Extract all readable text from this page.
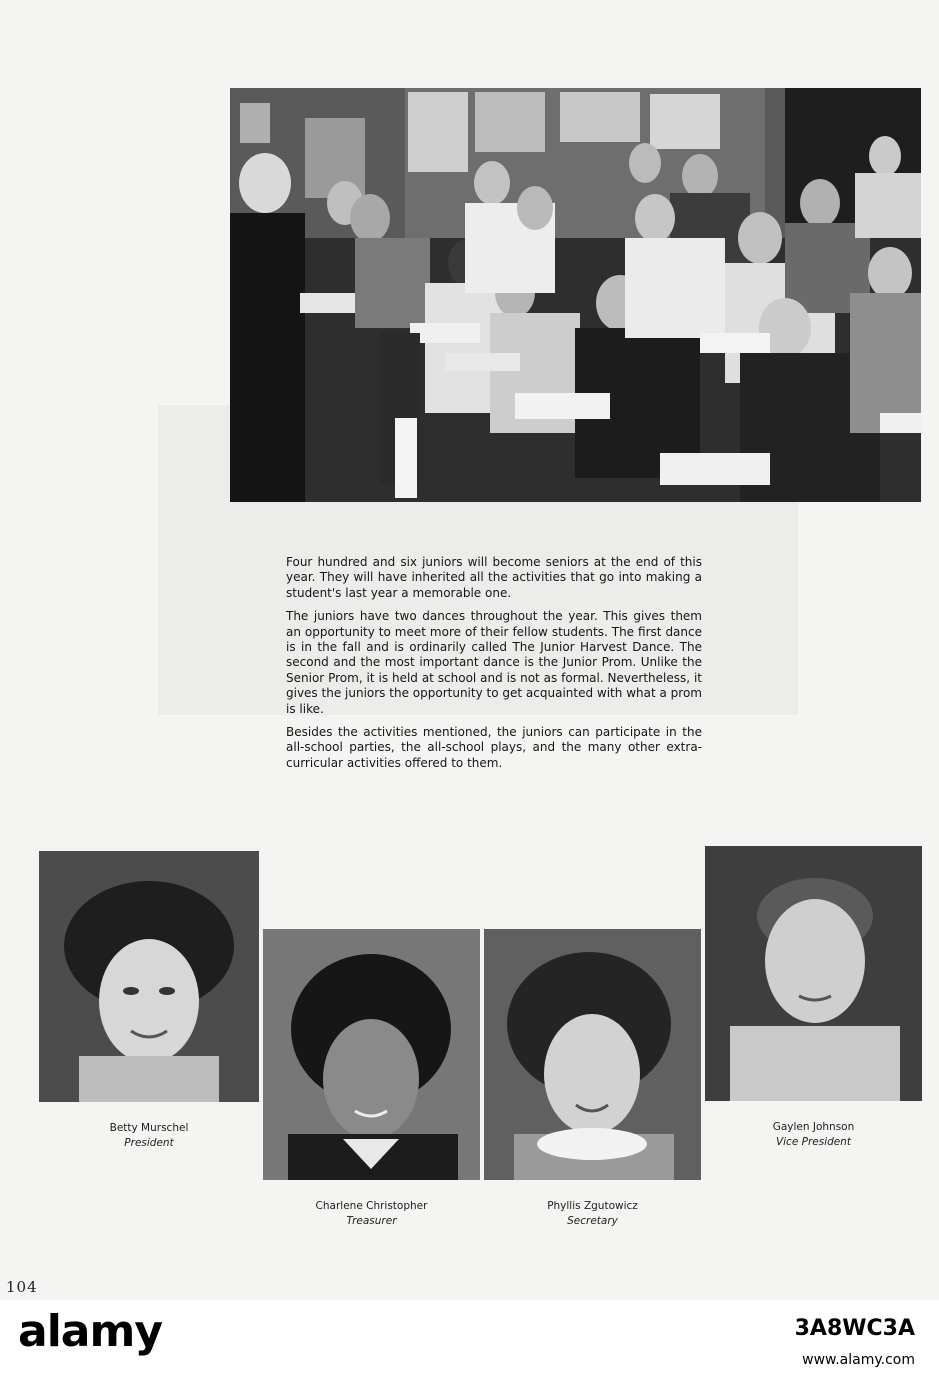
Four hundred and six juniors will become seniors at the end of this year. They will have inherited all the activities that go into making a student's last year a memorable one.

The juniors have two dances throughout the year. This gives them an opportunity to meet more of their fellow students. The first dance is in the fall and is ordinarily called The Junior Harvest Dance. The second and the most important dance is the Junior Prom. Unlike the Senior Prom, it is held at school and is not as formal. Nevertheless, it gives the juniors the opportunity to get acquainted with what a prom is like.

Besides the activities mentioned, the juniors can participate in the all-school parties, the all-school plays, and the many other extra-curricular activities offered to them.

Betty Murschel
President
Charlene Christopher
Treasurer
Phyllis Zgutowicz
Secretary
Gaylen Johnson
Vice President
104
alamy	3A8WC3A
www.alamy.com
